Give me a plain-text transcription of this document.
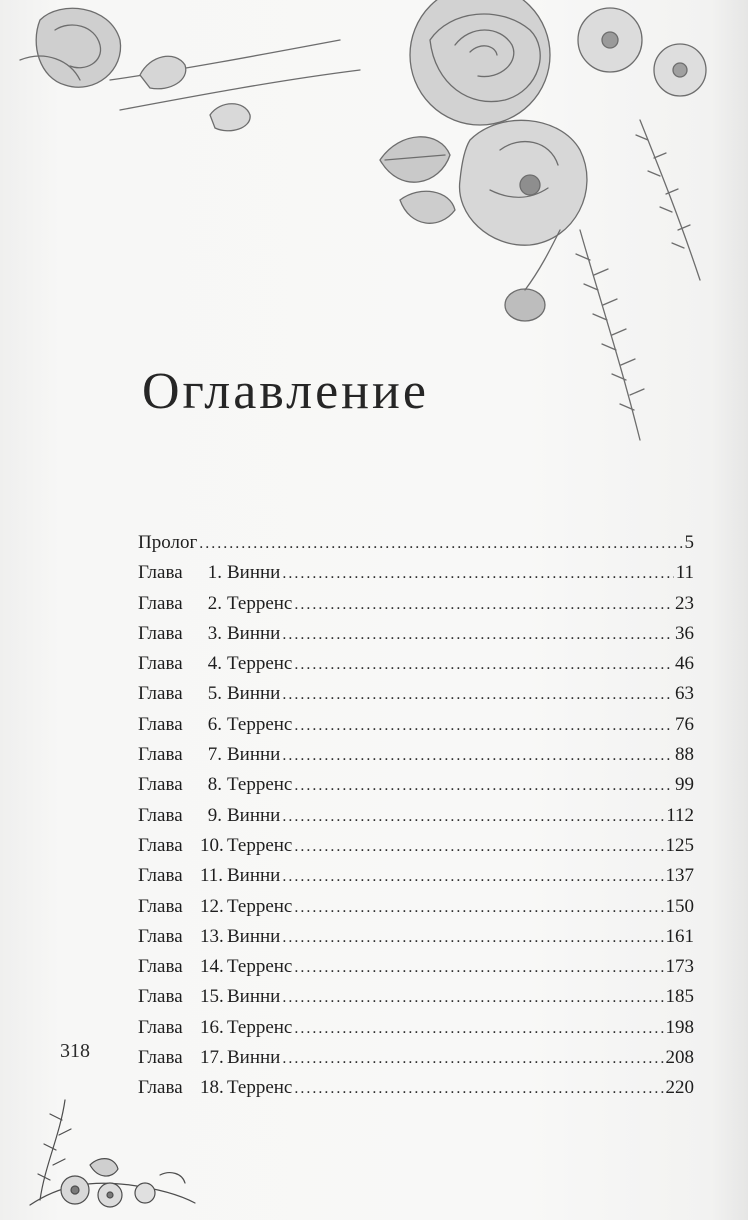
Оглавление
Пролог .....	5
Глава 1. Винни .....	11
Глава 2. Терренс .....	23
Глава 3. Винни .....	36
Глава 4. Терренс .....	46
Глава 5. Винни .....	63
Глава 6. Терренс .....	76
Глава 7. Винни .....	88
Глава 8. Терренс .....	99
Глава 9. Винни .....	112
Глава 10. Терренс .....	125
Глава 11. Винни .....	137
Глава 12. Терренс .....	150
Глава 13. Винни .....	161
Глава 14. Терренс .....	173
Глава 15. Винни .....	185
Глава 16. Терренс .....	198
Глава 17. Винни .....	208
Глава 18. Терренс .....	220
318
